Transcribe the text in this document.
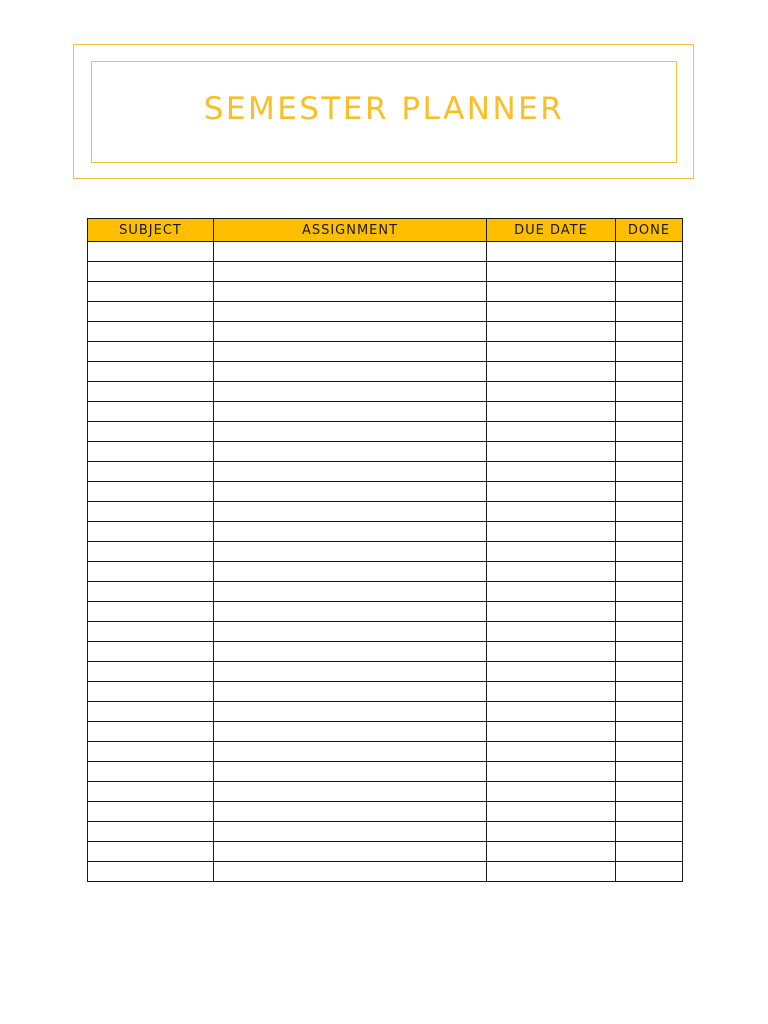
SEMESTER PLANNER
SUBJECT	ASSIGNMENT	DUE DATE	DONE
